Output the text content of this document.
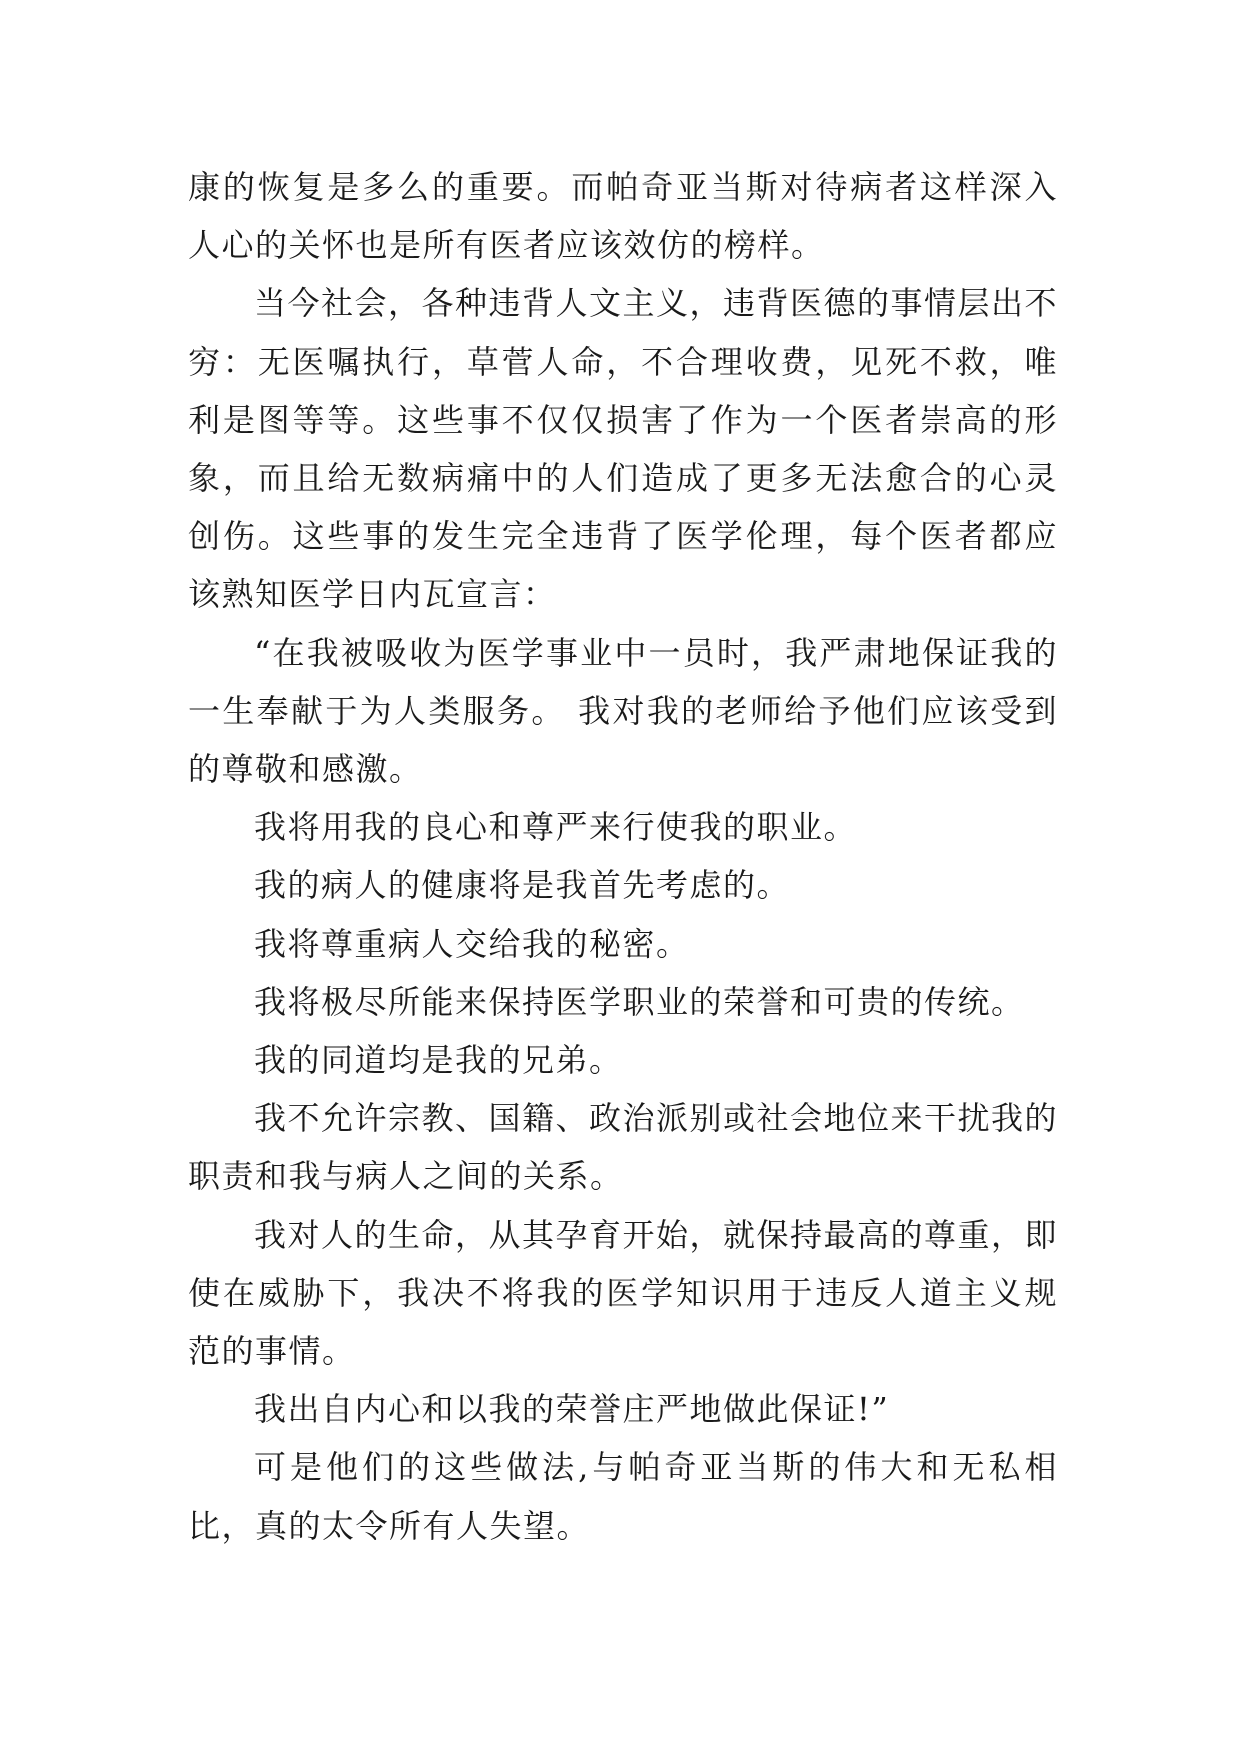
康的恢复是多么的重要。而帕奇亚当斯对待病者这样深入人心的关怀也是所有医者应该效仿的榜样。

当今社会，各种违背人文主义，违背医德的事情层出不穷：无医嘱执行，草菅人命，不合理收费，见死不救，唯利是图等等。这些事不仅仅损害了作为一个医者崇高的形象，而且给无数病痛中的人们造成了更多无法愈合的心灵创伤。这些事的发生完全违背了医学伦理，每个医者都应该熟知医学日内瓦宣言：

“在我被吸收为医学事业中一员时，我严肃地保证我的一生奉献于为人类服务。 我对我的老师给予他们应该受到的尊敬和感激。

我将用我的良心和尊严来行使我的职业。

我的病人的健康将是我首先考虑的。

我将尊重病人交给我的秘密。

我将极尽所能来保持医学职业的荣誉和可贵的传统。

我的同道均是我的兄弟。

我不允许宗教、国籍、政治派别或社会地位来干扰我的职责和我与病人之间的关系。

我对人的生命，从其孕育开始，就保持最高的尊重，即使在威胁下，我决不将我的医学知识用于违反人道主义规范的事情。

我出自内心和以我的荣誉庄严地做此保证!”

可是他们的这些做法,与帕奇亚当斯的伟大和无私相比，真的太令所有人失望。
